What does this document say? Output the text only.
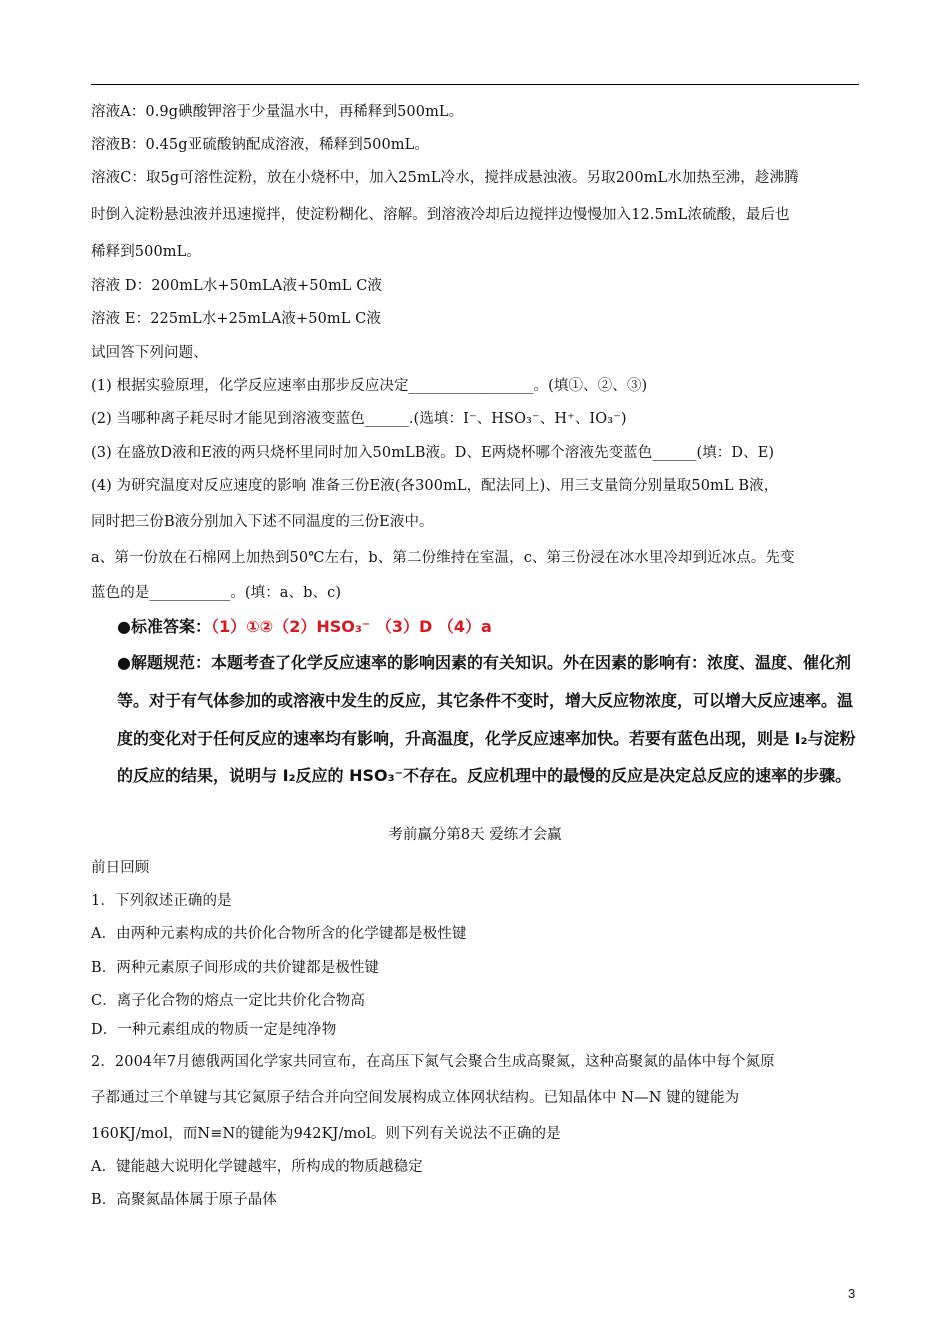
溶液A：0.9g碘酸钾溶于少量温水中，再稀释到500mL。
溶液B：0.45g亚硫酸钠配成溶液，稀释到500mL。
溶液C：取5g可溶性淀粉，放在小烧杯中，加入25mL冷水，搅拌成悬浊液。另取200mL水加热至沸，趁沸腾
时倒入淀粉悬浊液并迅速搅拌，使淀粉糊化、溶解。到溶液冷却后边搅拌边慢慢加入12.5mL浓硫酸，最后也
稀释到500mL。
溶液 D：200mL水+50mLA液+50mL C液
溶液 E：225mL水+25mLA液+50mL C液
试回答下列问题、
(1) 根据实验原理，化学反应速率由那步反应决定_________________。(填①、②、③)
(2) 当哪种离子耗尽时才能见到溶液变蓝色______.(选填：I⁻、HSO₃⁻、H⁺、IO₃⁻)
(3) 在盛放D液和E液的两只烧杯里同时加入50mLB液。D、E两烧杯哪个溶液先变蓝色______(填：D、E)
(4) 为研究温度对反应速度的影响 准备三份E液(各300mL，配法同上)、用三支量筒分别量取50mL B液，
同时把三份B液分别加入下述不同温度的三份E液中。
a、第一份放在石棉网上加热到50℃左右，b、第二份维持在室温，c、第三份浸在冰水里冷却到近冰点。先变
蓝色的是___________。(填：a、b、c)
●标准答案：（1）①②（2）HSO₃⁻ （3）D （4）a
●解题规范：本题考查了化学反应速率的影响因素的有关知识。外在因素的影响有：浓度、温度、催化剂
等。对于有气体参加的或溶液中发生的反应，其它条件不变时，增大反应物浓度，可以增大反应速率。温
度的变化对于任何反应的速率均有影响，升高温度，化学反应速率加快。若要有蓝色出现，则是 I₂与淀粉
的反应的结果，说明与 I₂反应的 HSO₃⁻不存在。反应机理中的最慢的反应是决定总反应的速率的步骤。
考前赢分第8天 爱练才会赢
前日回顾
1．下列叙述正确的是
A．由两种元素构成的共价化合物所含的化学键都是极性键
B．两种元素原子间形成的共价键都是极性键
C．离子化合物的熔点一定比共价化合物高
D．一种元素组成的物质一定是纯净物
2．2004年7月德俄两国化学家共同宣布，在高压下氮气会聚合生成高聚氮，这种高聚氮的晶体中每个氮原
子都通过三个单键与其它氮原子结合并向空间发展构成立体网状结构。已知晶体中 N—N 键的键能为
160KJ/mol，而N≡N的键能为942KJ/mol。则下列有关说法不正确的是
A．键能越大说明化学键越牢，所构成的物质越稳定
B．高聚氮晶体属于原子晶体
3
